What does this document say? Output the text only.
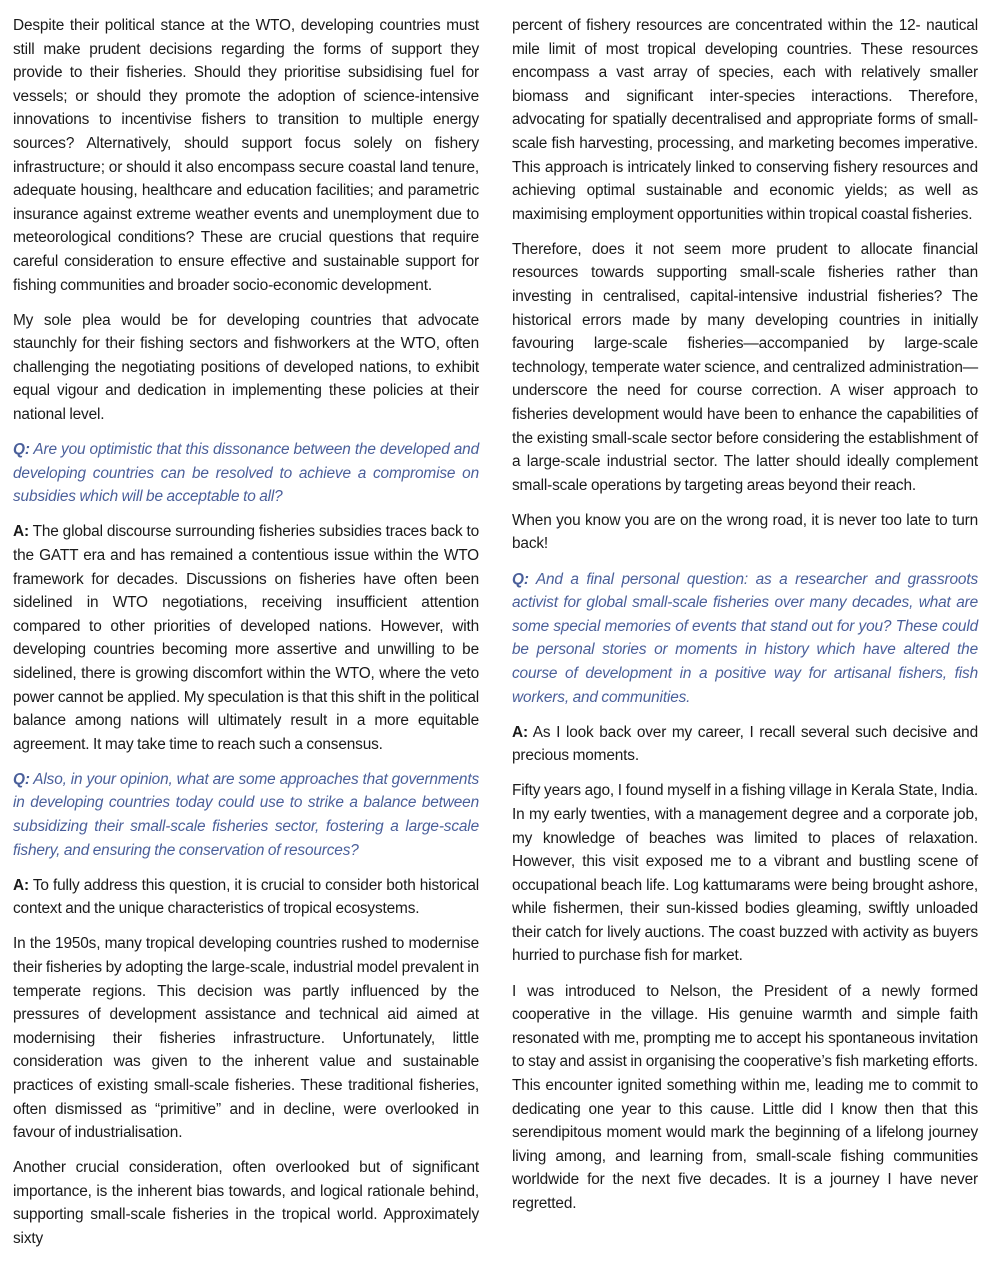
Despite their political stance at the WTO, developing countries must still make prudent decisions regarding the forms of support they provide to their fisheries. Should they prioritise subsidising fuel for vessels; or should they promote the adoption of science-intensive innovations to incentivise fishers to transition to multiple energy sources? Alternatively, should support focus solely on fishery infrastructure; or should it also encompass secure coastal land tenure, adequate housing, healthcare and education facilities; and parametric insurance against extreme weather events and unemployment due to meteorological conditions? These are crucial questions that require careful consideration to ensure effective and sustainable support for fishing communities and broader socio-economic development.

My sole plea would be for developing countries that advocate staunchly for their fishing sectors and fishworkers at the WTO, often challenging the negotiating positions of developed nations, to exhibit equal vigour and dedication in implementing these policies at their national level.

Q: Are you optimistic that this dissonance between the developed and developing countries can be resolved to achieve a compromise on subsidies which will be acceptable to all?

A: The global discourse surrounding fisheries subsidies traces back to the GATT era and has remained a contentious issue within the WTO framework for decades. Discussions on fisheries have often been sidelined in WTO negotiations, receiving insufficient attention compared to other priorities of developed nations. However, with developing countries becoming more assertive and unwilling to be sidelined, there is growing discomfort within the WTO, where the veto power cannot be applied. My speculation is that this shift in the political balance among nations will ultimately result in a more equitable agreement. It may take time to reach such a consensus.

Q: Also, in your opinion, what are some approaches that governments in developing countries today could use to strike a balance between subsidizing their small-scale fisheries sector, fostering a large-scale fishery, and ensuring the conservation of resources?

A: To fully address this question, it is crucial to consider both historical context and the unique characteristics of tropical ecosystems.

In the 1950s, many tropical developing countries rushed to modernise their fisheries by adopting the large-scale, industrial model prevalent in temperate regions. This decision was partly influenced by the pressures of development assistance and technical aid aimed at modernising their fisheries infrastructure. Unfortunately, little consideration was given to the inherent value and sustainable practices of existing small-scale fisheries. These traditional fisheries, often dismissed as “primitive” and in decline, were overlooked in favour of industrialisation.

Another crucial consideration, often overlooked but of significant importance, is the inherent bias towards, and logical rationale behind, supporting small-scale fisheries in the tropical world. Approximately sixty

percent of fishery resources are concentrated within the 12- nautical mile limit of most tropical developing countries. These resources encompass a vast array of species, each with relatively smaller biomass and significant inter-species interactions. Therefore, advocating for spatially decentralised and appropriate forms of small-scale fish harvesting, processing, and marketing becomes imperative. This approach is intricately linked to conserving fishery resources and achieving optimal sustainable and economic yields; as well as maximising employment opportunities within tropical coastal fisheries.

Therefore, does it not seem more prudent to allocate financial resources towards supporting small-scale fisheries rather than investing in centralised, capital-intensive industrial fisheries? The historical errors made by many developing countries in initially favouring large-scale fisheries—accompanied by large-scale technology, temperate water science, and centralized administration—underscore the need for course correction. A wiser approach to fisheries development would have been to enhance the capabilities of the existing small-scale sector before considering the establishment of a large-scale industrial sector. The latter should ideally complement small-scale operations by targeting areas beyond their reach.

When you know you are on the wrong road, it is never too late to turn back!

Q: And a final personal question: as a researcher and grassroots activist for global small-scale fisheries over many decades, what are some special memories of events that stand out for you? These could be personal stories or moments in history which have altered the course of development in a positive way for artisanal fishers, fish workers, and communities.

A: As I look back over my career, I recall several such decisive and precious moments.

Fifty years ago, I found myself in a fishing village in Kerala State, India. In my early twenties, with a management degree and a corporate job, my knowledge of beaches was limited to places of relaxation. However, this visit exposed me to a vibrant and bustling scene of occupational beach life. Log kattumarams were being brought ashore, while fishermen, their sun-kissed bodies gleaming, swiftly unloaded their catch for lively auctions. The coast buzzed with activity as buyers hurried to purchase fish for market.

I was introduced to Nelson, the President of a newly formed cooperative in the village. His genuine warmth and simple faith resonated with me, prompting me to accept his spontaneous invitation to stay and assist in organising the cooperative’s fish marketing efforts. This encounter ignited something within me, leading me to commit to dedicating one year to this cause. Little did I know then that this serendipitous moment would mark the beginning of a lifelong journey living among, and learning from, small-scale fishing communities worldwide for the next five decades. It is a journey I have never regretted.
